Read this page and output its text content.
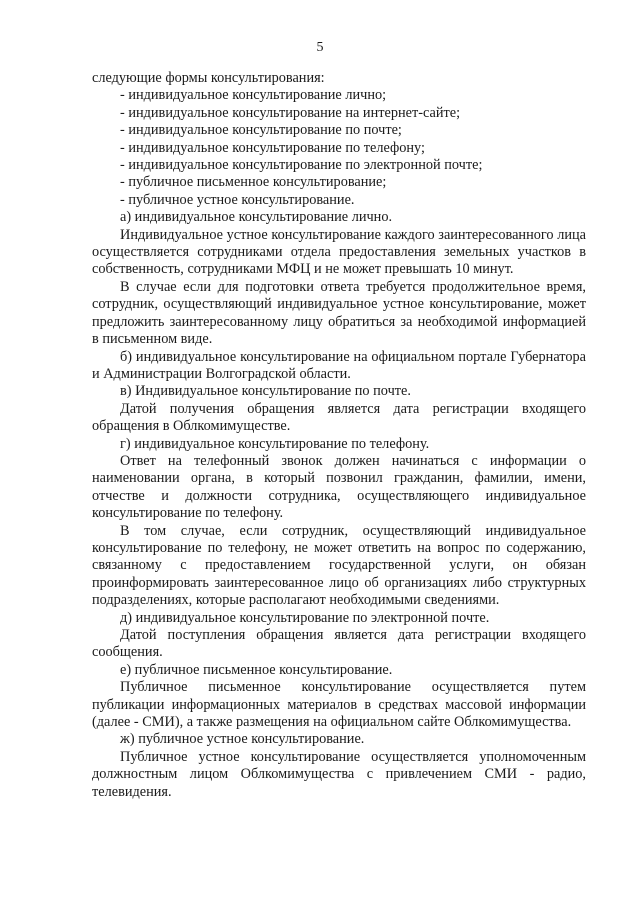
5

следующие формы консультирования:

- индивидуальное консультирование лично;

- индивидуальное консультирование на интернет-сайте;

- индивидуальное консультирование по почте;

- индивидуальное консультирование по телефону;

- индивидуальное консультирование по электронной почте;

- публичное письменное консультирование;

- публичное устное консультирование.

а) индивидуальное консультирование лично.

Индивидуальное устное консультирование каждого заинтересованного лица осуществляется сотрудниками отдела предоставления земельных участков в собственность, сотрудниками МФЦ и не может превышать 10 минут.

В случае если для подготовки ответа требуется продолжительное время, сотрудник, осуществляющий индивидуальное устное консультирование, может предложить заинтересованному лицу обратиться за необходимой информацией в письменном виде.

б) индивидуальное консультирование на официальном портале Губернатора и Администрации Волгоградской области.

в) Индивидуальное консультирование по почте.

Датой получения обращения является дата регистрации входящего обращения в Облкомимуществе.

г) индивидуальное консультирование по телефону.

Ответ на телефонный звонок должен начинаться с информации о наименовании органа, в который позвонил гражданин, фамилии, имени, отчестве и должности сотрудника, осуществляющего индивидуальное консультирование по телефону.

В том случае, если сотрудник, осуществляющий индивидуальное консультирование по телефону, не может ответить на вопрос по содержанию, связанному с предоставлением государственной услуги, он обязан проинформировать заинтересованное лицо об организациях либо структурных подразделениях, которые располагают необходимыми сведениями.

д) индивидуальное консультирование по электронной почте.

Датой поступления обращения является дата регистрации входящего сообщения.

е) публичное письменное консультирование.

Публичное письменное консультирование осуществляется путем публикации информационных материалов в средствах массовой информации (далее - СМИ), а также размещения на официальном сайте Облкомимущества.

ж) публичное устное консультирование.

Публичное устное консультирование осуществляется уполномоченным должностным лицом Облкомимущества с привлечением СМИ - радио, телевидения.
